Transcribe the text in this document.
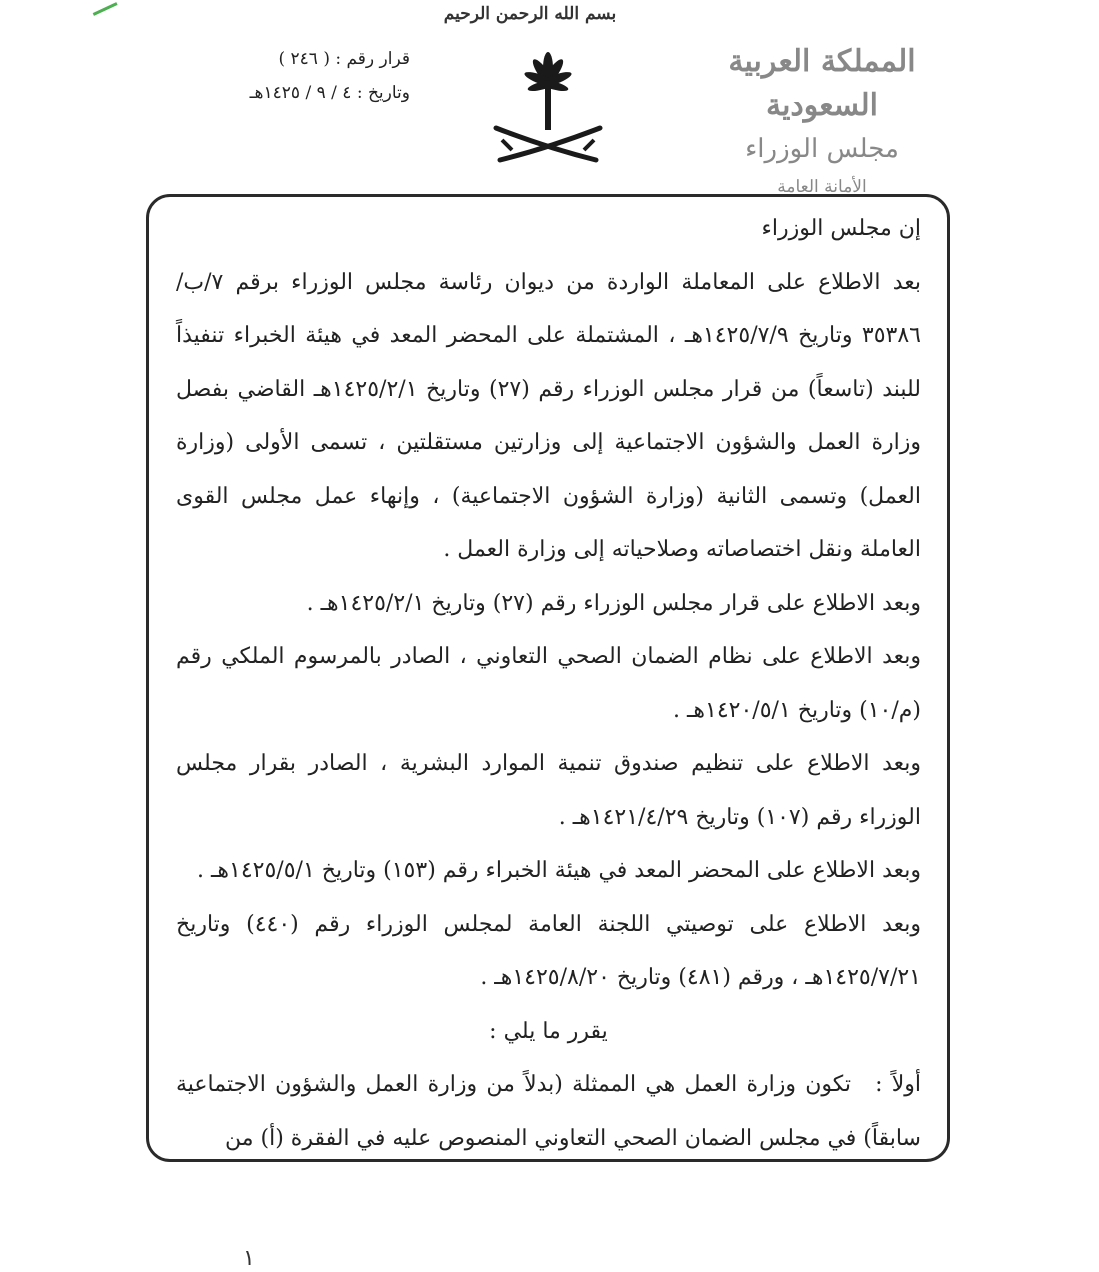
بسم الله الرحمن الرحيم
قرار رقم : ( ٢٤٦ )
وتاريخ : ٤ / ٩ / ١٤٢٥هـ
المملكة العربية السعودية
مجلس الوزراء
الأمانة العامة

إن مجلس الوزراء

بعد الاطلاع على المعاملة الواردة من ديوان رئاسة مجلس الوزراء برقم ٧/ب/٣٥٣٨٦ وتاريخ ١٤٢٥/٧/٩هـ ، المشتملة على المحضر المعد في هيئة الخبراء تنفيذاً للبند (تاسعاً) من قرار مجلس الوزراء رقم (٢٧) وتاريخ ١٤٢٥/٢/١هـ القاضي بفصل وزارة العمل والشؤون الاجتماعية إلى وزارتين مستقلتين ، تسمى الأولى (وزارة العمل) وتسمى الثانية (وزارة الشؤون الاجتماعية) ، وإنهاء عمل مجلس القوى العاملة ونقل اختصاصاته وصلاحياته إلى وزارة العمل .

وبعد الاطلاع على قرار مجلس الوزراء رقم (٢٧) وتاريخ ١٤٢٥/٢/١هـ .

وبعد الاطلاع على نظام الضمان الصحي التعاوني ، الصادر بالمرسوم الملكي رقم (م/١٠) وتاريخ ١٤٢٠/٥/١هـ .

وبعد الاطلاع على تنظيم صندوق تنمية الموارد البشرية ، الصادر بقرار مجلس الوزراء رقم (١٠٧) وتاريخ ١٤٢١/٤/٢٩هـ .

وبعد الاطلاع على المحضر المعد في هيئة الخبراء رقم (١٥٣) وتاريخ ١٤٢٥/٥/١هـ .

وبعد الاطلاع على توصيتي اللجنة العامة لمجلس الوزراء رقم (٤٤٠) وتاريخ ١٤٢٥/٧/٢١هـ ، ورقم (٤٨١) وتاريخ ١٤٢٥/٨/٢٠هـ .

يقرر ما يلي :

أولاً :تكون وزارة العمل هي الممثلة (بدلاً من وزارة العمل والشؤون الاجتماعية سابقاً) في مجلس الضمان الصحي التعاوني المنصوص عليه في الفقرة (أ) من

١
